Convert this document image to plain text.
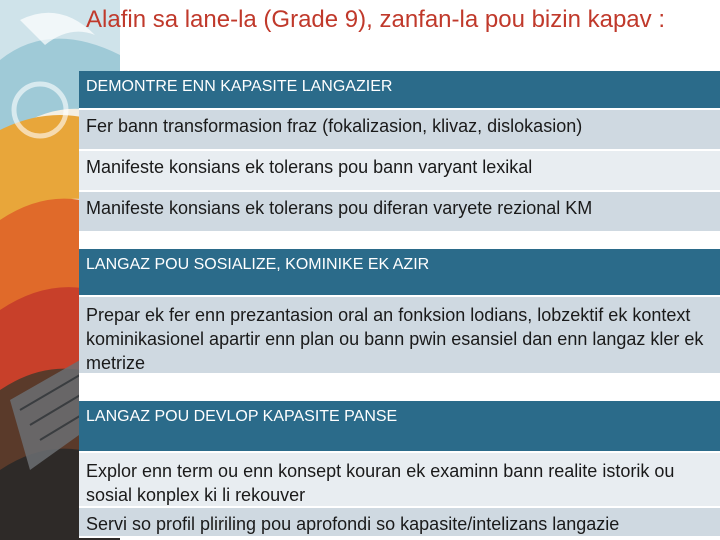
Alafin sa lane-la (Grade 9), zanfan-la pou bizin kapav :
DEMONTRE ENN KAPASITE LANGAZIER
Fer bann transformasion fraz (fokalizasion, klivaz, dislokasion)
Manifeste konsians ek tolerans pou bann varyant lexikal
Manifeste konsians ek tolerans pou diferan varyete rezional KM
LANGAZ POU SOSIALIZE, KOMINIKE EK AZIR
Prepar ek fer enn prezantasion oral an fonksion lodians, lobzektif ek kontext kominikasionel apartir enn plan ou bann pwin esansiel dan enn langaz kler ek metrize
LANGAZ POU DEVLOP KAPASITE PANSE
Explor enn term ou enn konsept kouran ek examinn bann realite istorik ou sosial konplex ki li rekouver
Servi so profil pliriling pou aprofondi so kapasite/intelizans langazie
